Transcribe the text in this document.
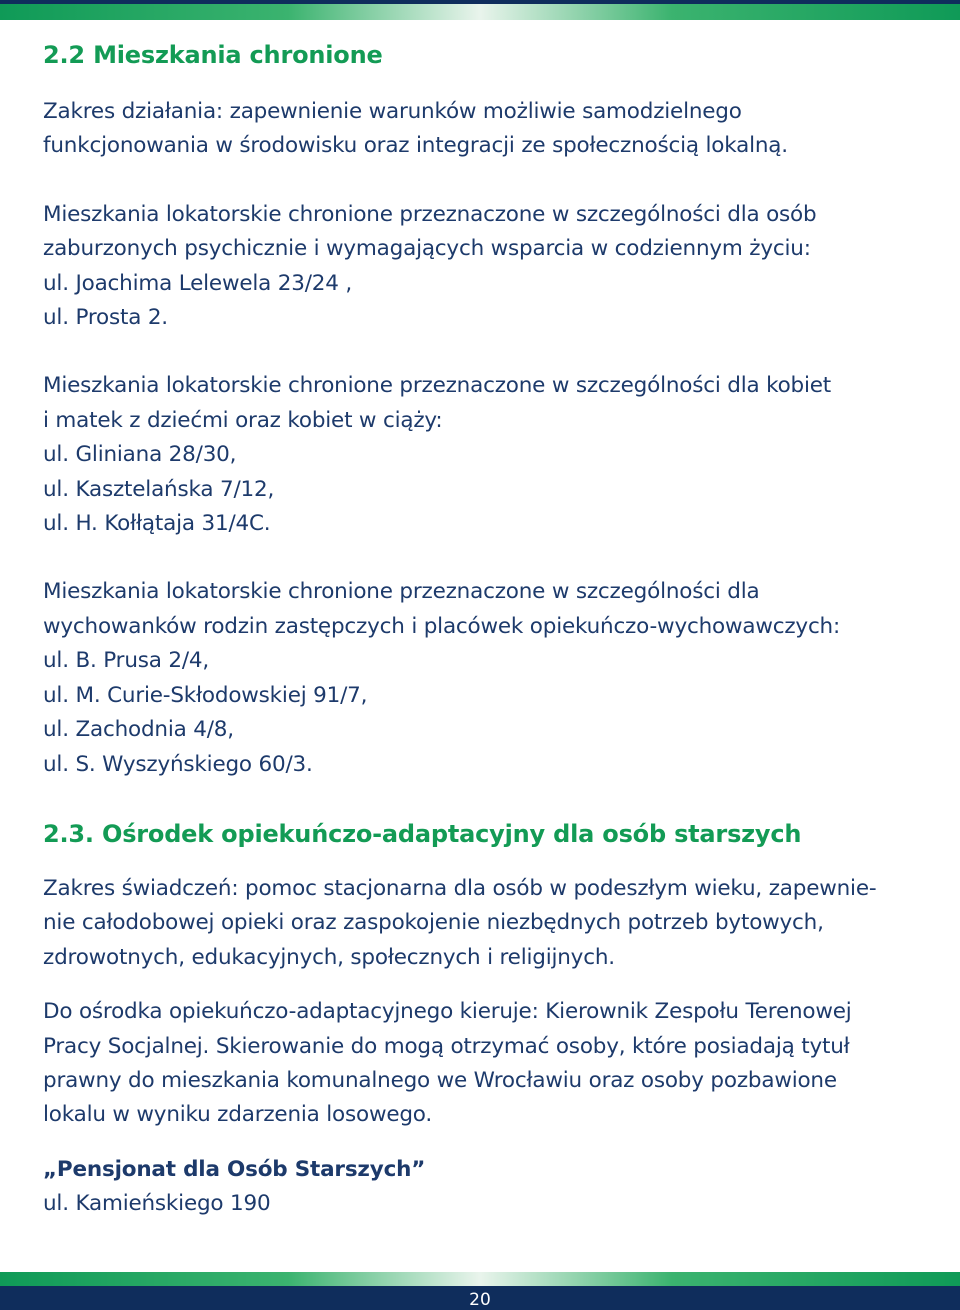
2.2 Mieszkania chronione

Zakres działania: zapewnienie warunków możliwie samodzielnego
funkcjonowania w środowisku oraz integracji ze społecznością lokalną.

Mieszkania lokatorskie chronione przeznaczone w szczególności dla osób
zaburzonych psychicznie i wymagających wsparcia w codziennym życiu:
ul. Joachima Lelewela 23/24 ,
ul. Prosta 2.

Mieszkania lokatorskie chronione przeznaczone w szczególności dla kobiet
i matek z dziećmi oraz kobiet w ciąży:
ul. Gliniana 28/30,
ul. Kasztelańska 7/12,
ul. H. Kołłątaja 31/4C.

Mieszkania lokatorskie chronione przeznaczone w szczególności dla
wychowanków rodzin zastępczych i placówek opiekuńczo-wychowawczych:
ul. B. Prusa 2/4,
ul. M. Curie-Skłodowskiej 91/7,
ul. Zachodnia 4/8,
ul. S. Wyszyńskiego 60/3.

2.3. Ośrodek opiekuńczo-adaptacyjny dla osób starszych

Zakres świadczeń: pomoc stacjonarna dla osób w podeszłym wieku, zapewnie-
nie całodobowej opieki oraz zaspokojenie niezbędnych potrzeb bytowych,
zdrowotnych, edukacyjnych, społecznych i religijnych.

Do ośrodka opiekuńczo-adaptacyjnego kieruje: Kierownik Zespołu Terenowej
Pracy Socjalnej. Skierowanie do mogą otrzymać osoby, które posiadają tytuł
prawny do mieszkania komunalnego we Wrocławiu oraz osoby pozbawione
lokalu w wyniku zdarzenia losowego.

„Pensjonat dla Osób Starszych”
ul. Kamieńskiego 190

20
